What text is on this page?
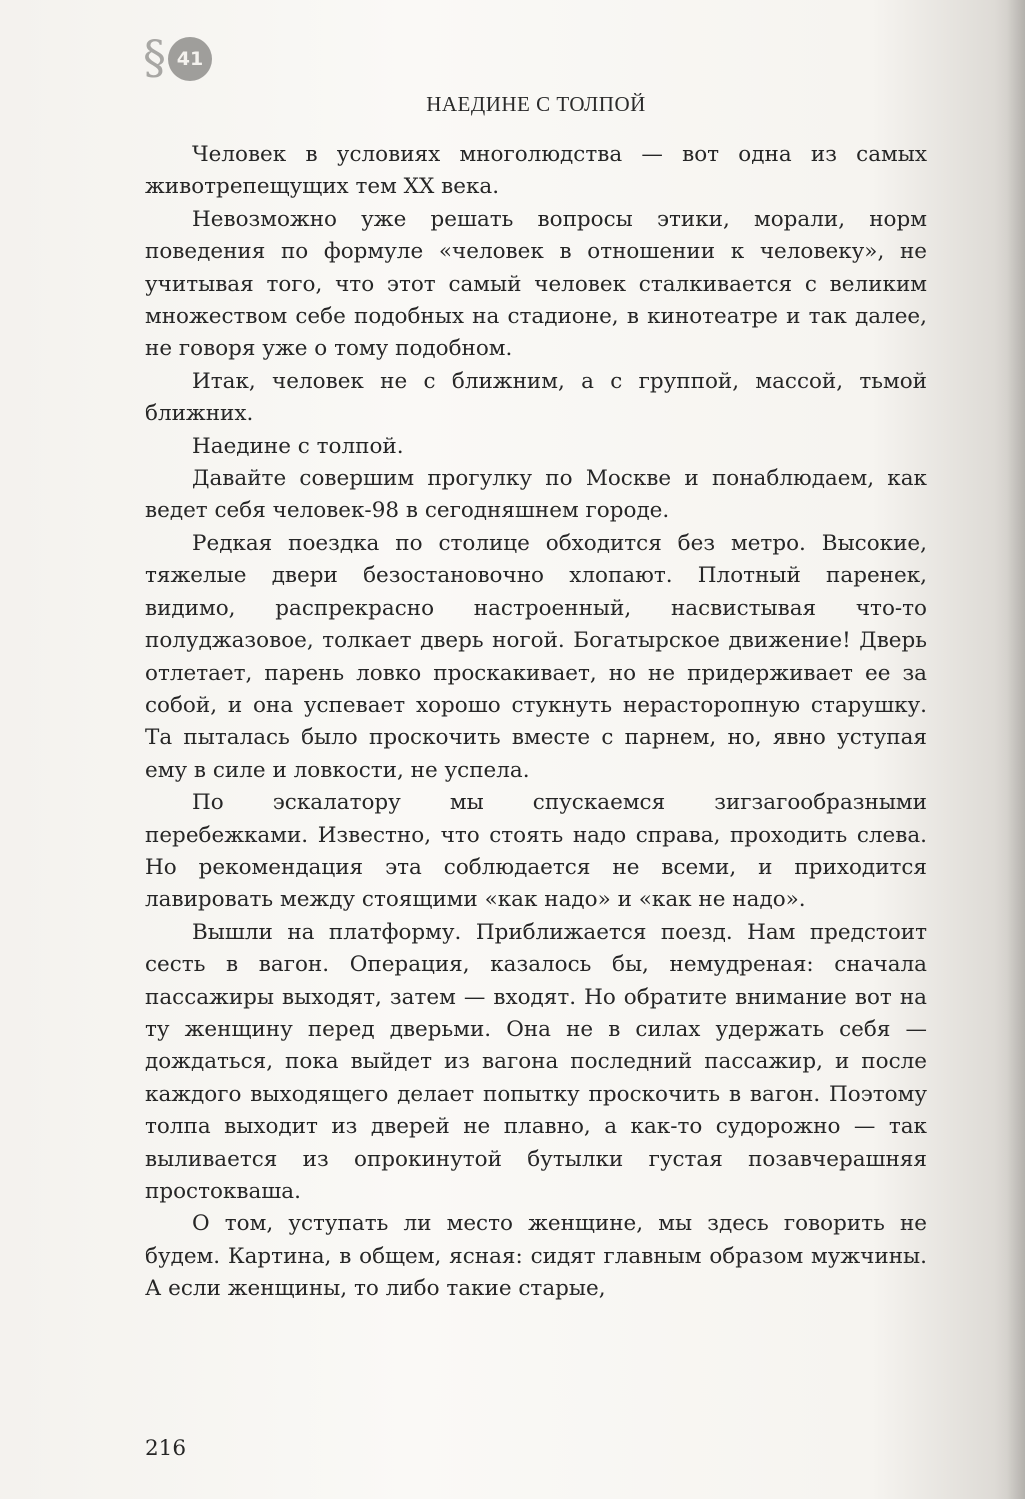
§ 41
НАЕДИНЕ С ТОЛПОЙ

Человек в условиях многолюдства — вот одна из самых животрепещущих тем XX века.

Невозможно уже решать вопросы этики, морали, норм поведения по формуле «человек в отношении к человеку», не учитывая того, что этот самый человек сталкивается с великим множеством себе подобных на стадионе, в кинотеатре и так далее, не говоря уже о тому подобном.

Итак, человек не с ближним, а с группой, массой, тьмой ближних.

Наедине с толпой.

Давайте совершим прогулку по Москве и понаблюдаем, как ведет себя человек-98 в сегодняшнем городе.

Редкая поездка по столице обходится без метро. Высокие, тяжелые двери безостановочно хлопают. Плотный паренек, видимо, распрекрасно настроенный, насвистывая что-то полуджазовое, толкает дверь ногой. Богатырское движение! Дверь отлетает, парень ловко проскакивает, но не придерживает ее за собой, и она успевает хорошо стукнуть нерасторопную старушку. Та пыталась было проскочить вместе с парнем, но, явно уступая ему в силе и ловкости, не успела.

По эскалатору мы спускаемся зигзагообразными перебежками. Известно, что стоять надо справа, проходить слева. Но рекомендация эта соблюдается не всеми, и приходится лавировать между стоящими «как надо» и «как не надо».

Вышли на платформу. Приближается поезд. Нам предстоит сесть в вагон. Операция, казалось бы, немудреная: сначала пассажиры выходят, затем — входят. Но обратите внимание вот на ту женщину перед дверьми. Она не в силах удержать себя — дождаться, пока выйдет из вагона последний пассажир, и после каждого выходящего делает попытку проскочить в вагон. Поэтому толпа выходит из дверей не плавно, а как-то судорожно — так выливается из опрокинутой бутылки густая позавчерашняя простокваша.

О том, уступать ли место женщине, мы здесь говорить не будем. Картина, в общем, ясная: сидят главным образом мужчины. А если женщины, то либо такие старые,

216
